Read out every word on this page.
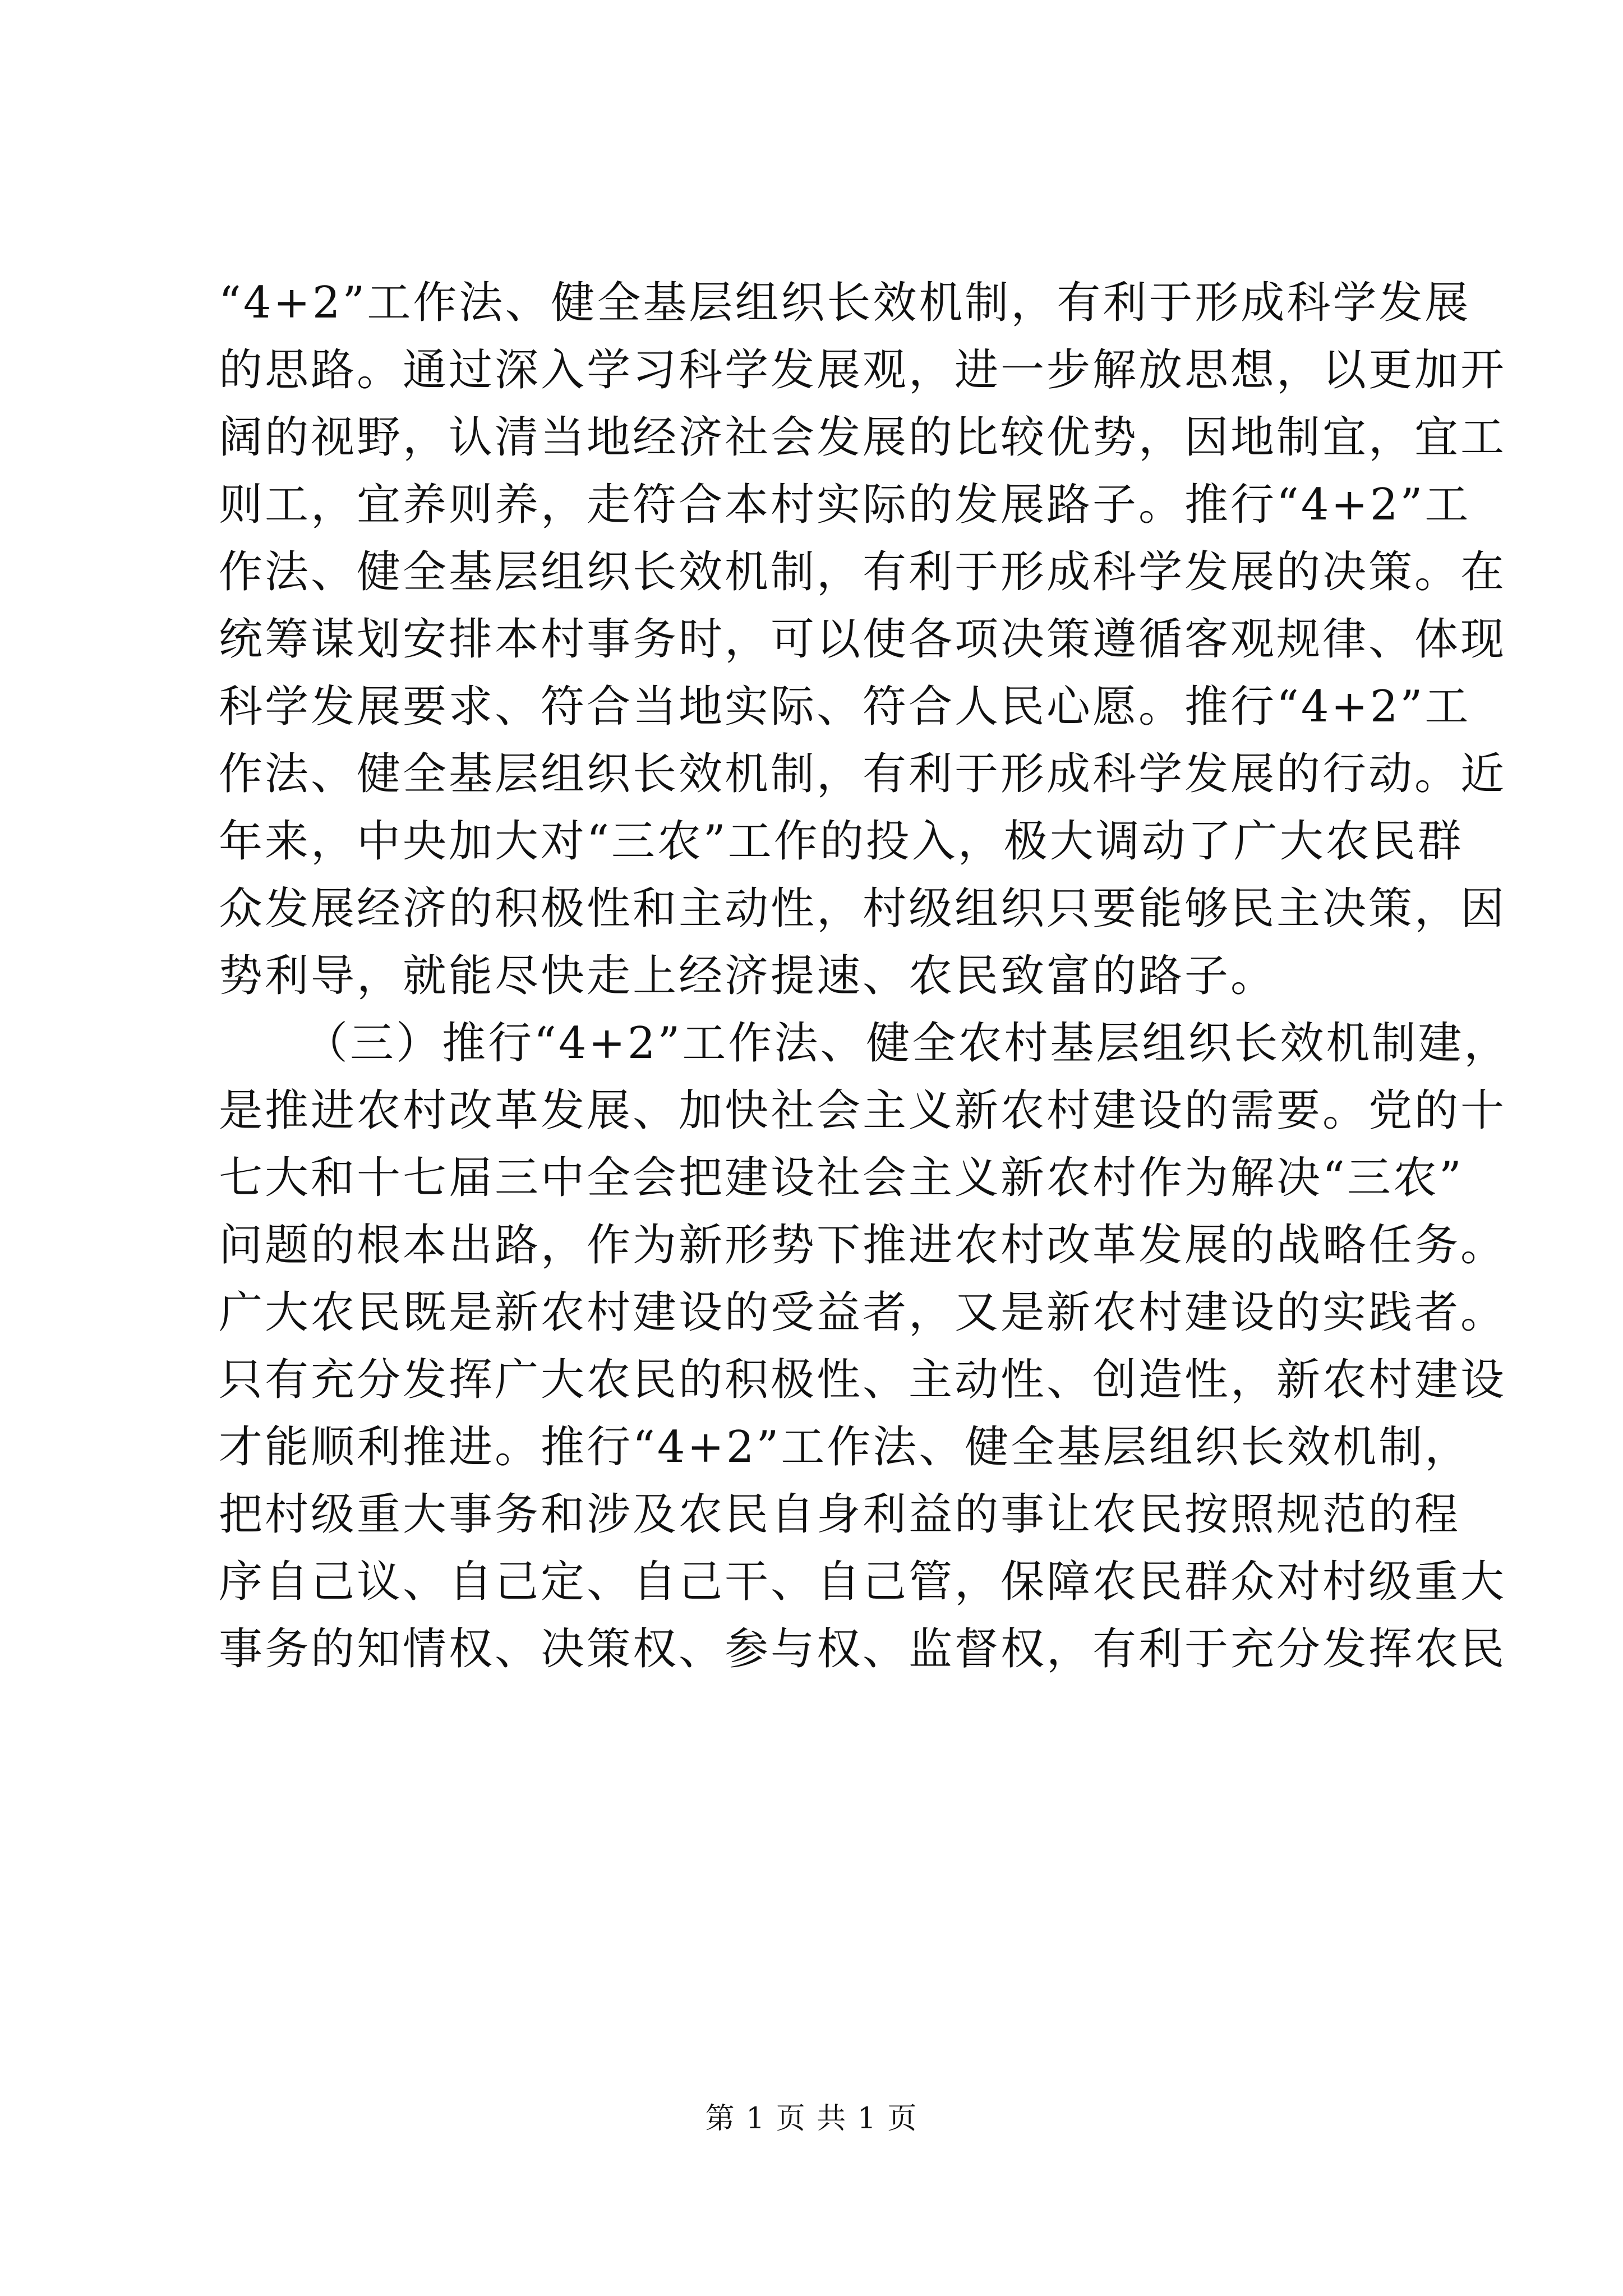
“4+2”工作法、健全基层组织长效机制，有利于形成科学发展
的思路。通过深入学习科学发展观，进一步解放思想，以更加开
阔的视野，认清当地经济社会发展的比较优势，因地制宜，宜工
则工，宜养则养，走符合本村实际的发展路子。推行“4+2”工
作法、健全基层组织长效机制，有利于形成科学发展的决策。在
统筹谋划安排本村事务时，可以使各项决策遵循客观规律、体现
科学发展要求、符合当地实际、符合人民心愿。推行“4+2”工
作法、健全基层组织长效机制，有利于形成科学发展的行动。近
年来，中央加大对“三农”工作的投入，极大调动了广大农民群
众发展经济的积极性和主动性，村级组织只要能够民主决策，因
势利导，就能尽快走上经济提速、农民致富的路子。
（三）推行“4+2”工作法、健全农村基层组织长效机制建，
是推进农村改革发展、加快社会主义新农村建设的需要。党的十
七大和十七届三中全会把建设社会主义新农村作为解决“三农”
问题的根本出路，作为新形势下推进农村改革发展的战略任务。
广大农民既是新农村建设的受益者，又是新农村建设的实践者。
只有充分发挥广大农民的积极性、主动性、创造性，新农村建设
才能顺利推进。推行“4+2”工作法、健全基层组织长效机制，
把村级重大事务和涉及农民自身利益的事让农民按照规范的程
序自己议、自己定、自己干、自己管，保障农民群众对村级重大
事务的知情权、决策权、参与权、监督权，有利于充分发挥农民
第 1 页 共 1 页
